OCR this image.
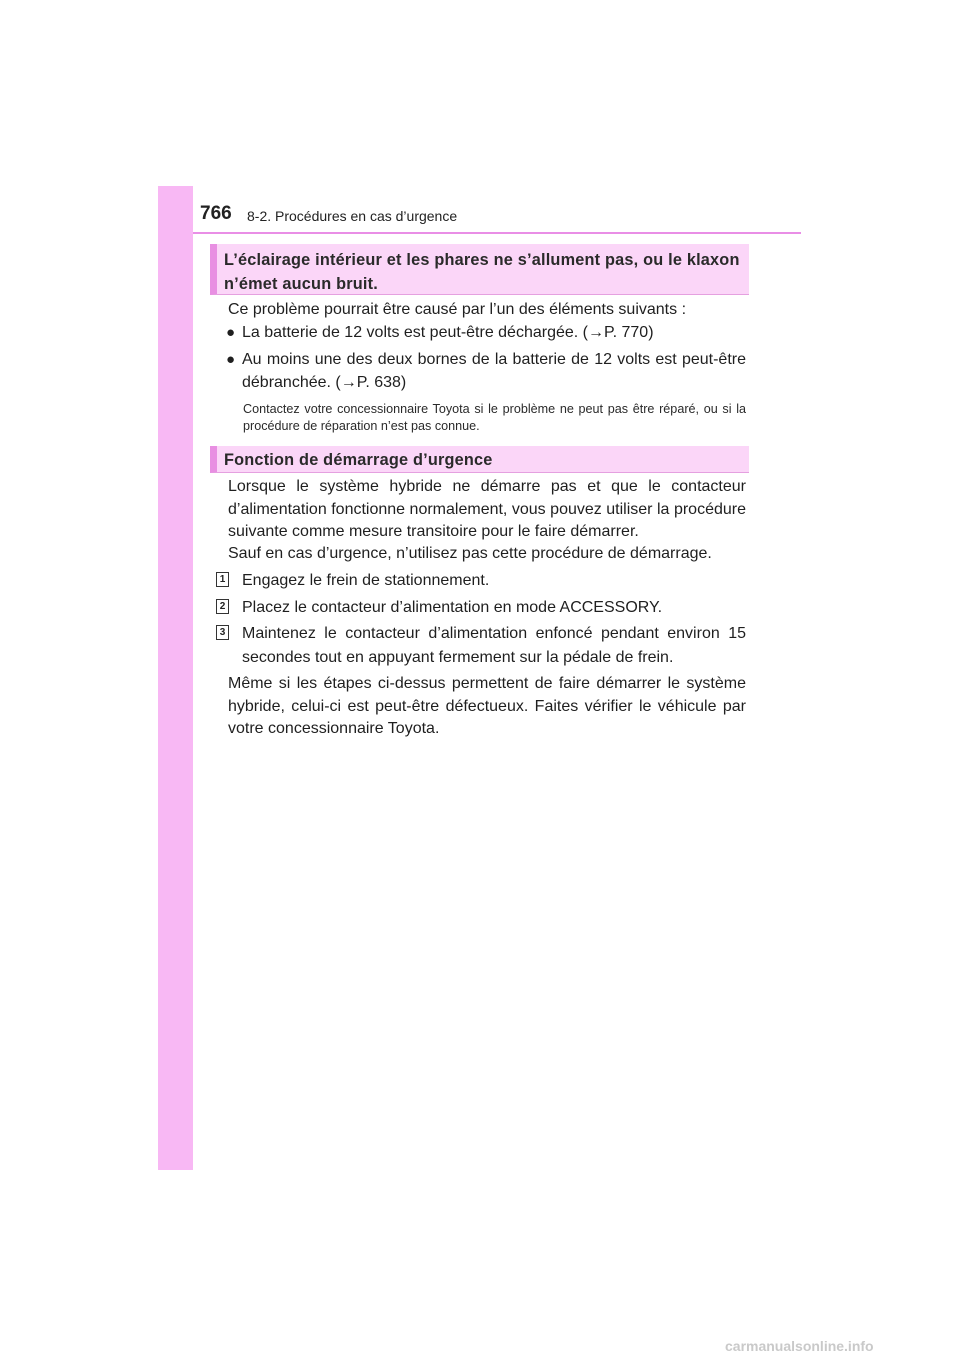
766 8-2. Procédures en cas d’urgence
L’éclairage intérieur et les phares ne s’allument pas, ou le klaxon
n’émet aucun bruit.
Ce problème pourrait être causé par l’un des éléments suivants :
● La batterie de 12 volts est peut-être déchargée. (→P. 770)
● Au moins une des deux bornes de la batterie de 12 volts est peut-être débranchée. (→P. 638)
Contactez votre concessionnaire Toyota si le problème ne peut pas être réparé, ou si la procédure de réparation n’est pas connue.
Fonction de démarrage d’urgence
Lorsque le système hybride ne démarre pas et que le contacteur d’alimentation fonctionne normalement, vous pouvez utiliser la procédure suivante comme mesure transitoire pour le faire démarrer.
Sauf en cas d’urgence, n’utilisez pas cette procédure de démarrage.
1 Engagez le frein de stationnement.
2 Placez le contacteur d’alimentation en mode ACCESSORY.
3 Maintenez le contacteur d’alimentation enfoncé pendant environ 15 secondes tout en appuyant fermement sur la pédale de frein.
Même si les étapes ci-dessus permettent de faire démarrer le système hybride, celui-ci est peut-être défectueux. Faites vérifier le véhicule par votre concessionnaire Toyota.
carmanualsonline.info
